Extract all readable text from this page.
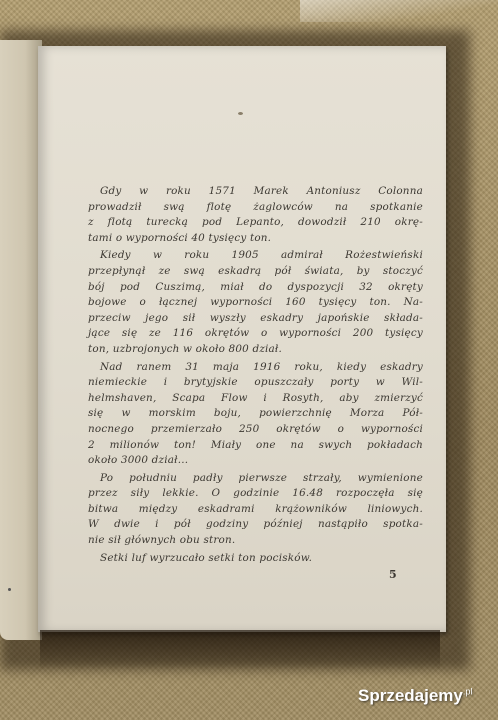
Gdy w roku 1571 Marek Antoniusz Colonna
prowadził swą flotę żaglowców na spotkanie
z flotą turecką pod Lepanto, dowodził 210 okrę-
tami o wyporności 40 tysięcy ton.
Kiedy w roku 1905 admirał Rożestwieński
przepłynął ze swą eskadrą pół świata, by stoczyć
bój pod Cuszimą, miał do dyspozycji 32 okręty
bojowe o łącznej wyporności 160 tysięcy ton. Na-
przeciw jego sił wyszły eskadry japońskie składa-
jące się ze 116 okrętów o wyporności 200 tysięcy
ton, uzbrojonych w około 800 dział.
Nad ranem 31 maja 1916 roku, kiedy eskadry
niemieckie i brytyjskie opuszczały porty w Wil-
helmshaven, Scapa Flow i Rosyth, aby zmierzyć
się w morskim boju, powierzchnię Morza Pół-
nocnego przemierzało 250 okrętów o wyporności
2 milionów ton! Miały one na swych pokładach
około 3000 dział...
Po południu padły pierwsze strzały, wymienione
przez siły lekkie. O godzinie 16.48 rozpoczęła się
bitwa między eskadrami krążowników liniowych.
W dwie i pół godziny później nastąpiło spotka-
nie sił głównych obu stron.
Setki luf wyrzucało setki ton pocisków.
5
Sprzedajemy$^{.pl}$
